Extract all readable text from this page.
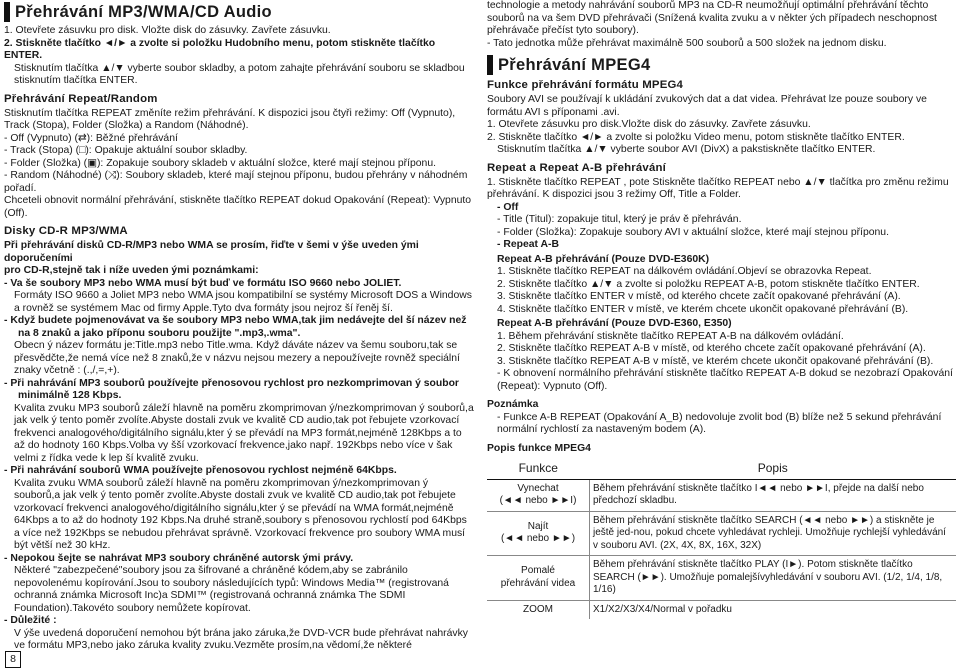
Přehrávání MP3/WMA/CD Audio

1. Otevřete zásuvku pro disk. Vložte disk do zásuvky. Zavřete zásuvku.

2. Stiskněte tlačítko ◄/► a zvolte si položku Hudobního menu, potom stiskněte tlačítko ENTER.

Stisknutím tlačítka ▲/▼ vyberte soubor skladby, a potom zahajte přehrávání souboru se skladbou stisknutím tlačítka ENTER.

Přehrávání Repeat/Random

Stisknutím tlačítka REPEAT změníte režim přehrávání. K dispozici jsou čtyři režimy: Off (Vypnuto), Track (Stopa), Folder (Složka) a Random (Náhodné).

- Off (Vypnuto) (⇄): Běžné přehrávání

- Track (Stopa) (□): Opakuje aktuální soubor skladby.

- Folder (Složka) (▣): Zopakuje soubory skladeb v aktuální složce, které mají stejnou příponu.

- Random (Náhodné) (⤨): Soubory skladeb, které mají stejnou příponu, budou přehrány v náhodném pořadí.

Chceteli obnovit normální přehrávání, stiskněte tlačítko REPEAT dokud Opakování (Repeat): Vypnuto (Off).

Disky CD-R MP3/WMA

Při přehrávání disků CD-R/MP3 nebo WMA se prosím, řiďte v šemi v ýše uveden ými doporučeními

pro CD-R,stejně tak i níže uveden ými poznámkami:

- Va še soubory MP3 nebo WMA musí být buď ve formátu ISO 9660 nebo JOLIET.

Formáty ISO 9660 a Joliet MP3 nebo WMA jsou kompatibilní se systémy Microsoft DOS a Windows a rovněž se systémem Mac od firmy Apple.Tyto dva formáty jsou nejroz ší řeněj ší.

- Když budete pojmenovávat va še soubory MP3 nebo WMA,tak jim nedávejte del ší název než na 8 znaků a jako příponu souboru použijte ".mp3,.wma".

Obecn ý název formátu je:Title.mp3 nebo Title.wma. Když dáváte název va šemu souboru,tak se přesvědčte,že nemá více než 8 znaků,že v názvu nejsou mezery a nepoužívejte rovněž speciální znaky včetně : (.,/,=,+).

- Při nahrávání MP3 souborů používejte přenosovou rychlost pro nezkomprimovan ý soubor minimálně 128 Kbps.

Kvalita zvuku MP3 souborů záleží hlavně na poměru zkomprimovan ý/nezkomprimovan ý souborů,a jak velk ý tento poměr zvolíte.Abyste dostali zvuk ve kvalitě CD audio,tak pot řebujete vzorkovací frekvenci analogového/digitálního signálu,kter ý se převádí na MP3 formát,nejméně 128Kbps a to až do hodnoty 160 Kbps.Volba vy šší vzorkovací frekvence,jako např. 192Kbps nebo více v šak velmi z řídka vede k lep ší kvalitě zvuku.

- Při nahrávání souborů WMA používejte přenosovou rychlost nejméně 64Kbps.

Kvalita zvuku WMA souborů záleží hlavně na poměru zkomprimovan ý/nezkomprimovan ý souborů,a jak velk ý tento poměr zvolíte.Abyste dostali zvuk ve kvalitě CD audio,tak pot řebujete vzorkovací frekvenci analogového/digitálního signálu,kter ý se převádí na WMA formát,nejméně 64Kbps a to až do hodnoty 192 Kbps.Na druhé straně,soubory s přenosovou rychlostí pod 64Kbps a více než 192Kbps se nebudou přehrávat správně. Vzorkovací frekvence pro soubory WMA musí být větší než 30 kHz.

- Nepokou šejte se nahrávat MP3 soubory chráněné autorsk ými právy.

Některé "zabezpečené"soubory jsou za šifrované a chráněné kódem,aby se zabránilo nepovolenému kopírování.Jsou to soubory následujících typů: Windows Media™ (registrovaná ochranná známka Microsoft Inc)a SDMI™ (registrovaná ochranná známka The SDMI Foundation).Takovéto soubory nemůžete kopírovat.

- Důležité :

V ýše uvedená doporučení nemohou být brána jako záruka,že DVD-VCR bude přehrávat nahrávky ve formátu MP3,nebo jako záruka kvality zvuku.Vezměte prosím,na vědomí,že některé

8

technologie a metody nahrávání souborů MP3 na CD-R neumožňují optimální přehrávání těchto souborů na va šem DVD přehrávači (Snížená kvalita zvuku a v někter ých případech neschopnost přehrávače přečíst tyto soubory).

- Tato jednotka může přehrávat maximálně 500 souborů a 500 složek na jednom disku.

Přehrávání MPEG4
Funkce přehrávání formátu MPEG4

Soubory AVI se používají k ukládání zvukových dat a dat videa. Přehrávat lze pouze soubory ve formátu AVI s příponami .avi.

1. Otevřete zásuvku pro disk.Vložte disk do zásuvky. Zavřete zásuvku.

2. Stiskněte tlačítko ◄/► a zvolte si položku Video menu, potom stiskněte tlačítko ENTER.

Stisknutím tlačítka ▲/▼ vyberte soubor AVI (DivX) a pakstiskněte tlačítko ENTER.

Repeat a Repeat A-B přehrávání

1. Stiskněte tlačítko REPEAT , pote Stiskněte tlačítko REPEAT nebo ▲/▼ tlačítka pro změnu režimu přehrávání. K dispozici jsou 3 režimy Off, Title a Folder.

- Off

- Title (Titul): zopakuje titul, který je práv ě přehráván.

- Folder (Složka): Zopakuje soubory AVI v aktuální složce, které mají stejnou příponu.

- Repeat A-B

Repeat A-B přehrávání (Pouze DVD-E360K)

1. Stiskněte tlačítko REPEAT na dálkovém ovládání.Objeví se obrazovka Repeat.

2. Stiskněte tlačítko ▲/▼ a zvolte si položku REPEAT A-B, potom stiskněte tlačítko ENTER.

3. Stiskněte tlačítko ENTER v místě, od kterého chcete začít opakované přehrávání (A).

4. Stiskněte tlačítko ENTER v místě, ve kterém chcete ukončit opakované přehrávání (B).

Repeat A-B přehrávání (Pouze DVD-E360, E350)

1. Během přehrávání stiskněte tlačítko REPEAT A-B na dálkovém ovládání.

2. Stiskněte tlačítko REPEAT A-B v místě, od kterého chcete začít opakované přehrávání (A).

3. Stiskněte tlačítko REPEAT A-B v místě, ve kterém chcete ukončit opakované přehrávání (B).

- K obnovení normálního přehrávání stiskněte tlačítko REPEAT A-B dokud se nezobrazí Opakování (Repeat): Vypnuto (Off).

Poznámka

- Funkce A-B REPEAT (Opakování A_B) nedovoluje zvolit bod (B) blíže než 5 sekund přehrávání normální rychlostí za nastaveným bodem (A).

Popis funkce MPEG4

Funkce	Popis
Vynechat
(◄◄ nebo ►►I)	Během přehrávání stiskněte tlačítko I◄◄ nebo ►►I, přejde na další nebo předchozí skladbu.
Najít
(◄◄ nebo ►►)	Během přehrávání stiskněte tlačítko SEARCH (◄◄ nebo ►►) a stiskněte je ještě jed-nou, pokud chcete vyhledávat rychleji. Umožňuje rychlejší vyhledávání v souboru AVI. (2X, 4X, 8X, 16X, 32X)
Pomalé
přehrávání videa	Během přehrávání stiskněte tlačítko PLAY (I►). Potom stiskněte tlačítko SEARCH (►►). Umožňuje pomalejšívyhledávání v souboru AVI. (1/2, 1/4, 1/8, 1/16)
ZOOM	X1/X2/X3/X4/Normal v pořadku
